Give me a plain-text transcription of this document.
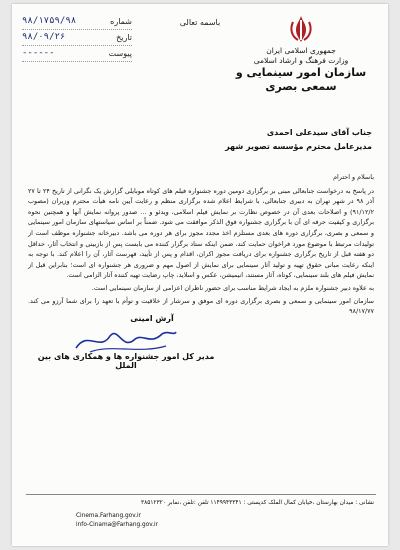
جمهوری اسلامی ایران
وزارت فرهنگ و ارشاد اسلامی
سازمان امور سینمایی و سمعی بصری
باسمه تعالی
شماره
۹۸/۱۷۵۹/۹۸
تاریخ
۹۸/۰۹/۲۶
پیوست
------
جناب آقای سیدعلی احمدی
مدیرعامل محترم مؤسسه تصویر شهر

باسلام و احترام

در پاسخ به درخواست جنابعالی مبنی بر برگزاری دومین دوره جشنواره فیلم های کوتاه موبایلی گزارش یک نگرانی از تاریخ ۲۴ تا ۲۷ آذر ۹۸ در شهر تهران به دبیری جنابعالی، با شرایط اعلام شده برگزاری منظم و رعایت آیین نامه هیأت محترم وزیران (مصوب ۹۱/۱۲/۲) و اصلاحات بعدی آن در خصوص نظارت بر نمایش فیلم اسلامی، ویدئو و ... صدور پروانه نمایش آنها و همچنین نحوه برگزاری و کیفیت حرفه ای آن با برگزاری جشنواره فوق الذکر موافقت می شود. ضمناً بر اساس سیاستهای سازمان امور سینمایی و سمعی و بصری، برگزاری دوره های بعدی مستلزم اخذ مجدد مجوز برای هر دوره می باشد. دبیرخانه جشنواره موظف است از تولیدات مرتبط با موضوع مورد فراخوان حمایت کند، ضمن اینکه ستاد برگزار کننده می بایست پس از بازبینی و انتخاب آثار، حداقل دو هفته قبل از تاریخ برگزاری جشنواره برای دریافت مجوز اکران، اقدام و پس از تأیید، فهرست آثار، آن را اعلام کند. با توجه به اینکه رعایت مبانی حقوق تهیه و تولید آثار سینمایی برای نمایش از اصول مهم و ضروری هر جشنواره ای است؛ بنابراین قبل از نمایش فیلم های بلند سینمایی، کوتاه، آثار مستند، انیمیشن، عکس و اسلاید، چاپ رضایت تهیه کننده آثار الزامی است.

به علاوه دبیر جشنواره ملزم به ایجاد شرایط مناسب برای حضور ناظران اعزامی از سازمان سینمایی است.

سازمان امور سینمایی و سمعی و بصری برگزاری دوره ای موفق و سرشار از خلاقیت و توأم با تعهد را برای شما آرزو می کند. ۹۸/۱۷/۷۷

آرش امینی
مدیر کل امور جشنواره ها و همکاری های بین الملل
نشانی : میدان بهارستان ،خیابان کمال الملک کدپستی : ۱۱۴۹۹۴۳۳۴۱ تلفن :تلفن ،نمابر ۳۸۵۱۲۳۲۰
Cinema.Farhang.gov.ir
info-Cinama@Farhang.gov.ir
